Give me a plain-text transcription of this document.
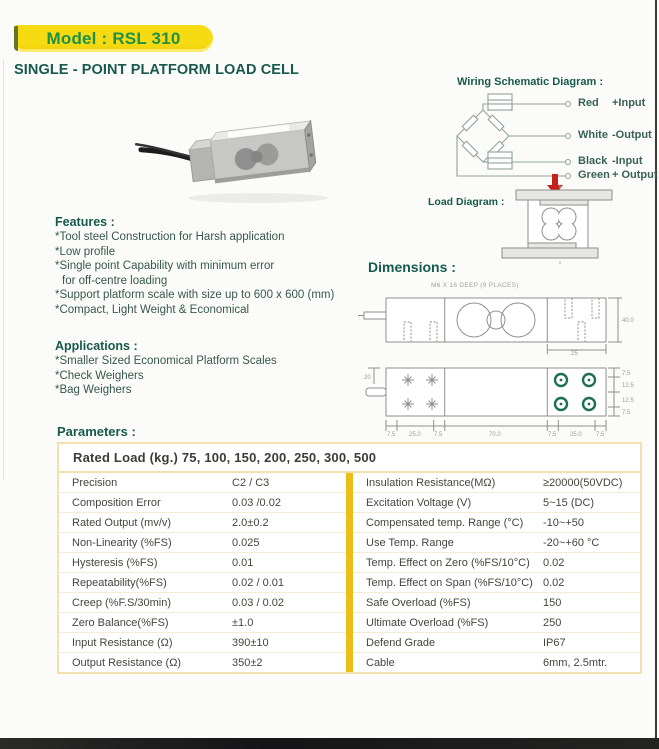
Model : RSL 310
SINGLE - POINT PLATFORM LOAD CELL
Wiring Schematic Diagram :
Red +Input
White -Output
Black -Input
Green + Output
Load Diagram :
Features :
*Tool steel Construction for Harsh application
*Low profile
*Single point Capability with minimum error
for off-centre loading
*Support platform scale with size up to 600 x 600 (mm)
*Compact, Light Weight & Economical
Applications :
*Smaller Sized Economical Platform Scales
*Check Weighers
*Bag Weighers
Dimensions :
M6 X 16 DEEP (9 PLACES)
40.0
25
20
7.5 25.0 7.5	70.0	7.5 25.0 7.5
7.5
12.5
12.5
7.5
Parameters :
Rated Load (kg.) 75, 100, 150, 200, 250, 300, 500
Precision	C2 / C3
Composition Error	0.03 /0.02
Rated Output (mv/v)	2.0±0.2
Non-Linearity (%FS)	0.025
Hysteresis (%FS)	0.01
Repeatability(%FS)	0.02 / 0.01
Creep (%F.S/30min)	0.03 / 0.02
Zero Balance(%FS)	±1.0
Input Resistance (Ω)	390±10
Output Resistance (Ω)	350±2
Insulation Resistance(MΩ)	≥20000(50VDC)
Excitation Voltage (V)	5~15 (DC)
Compensated temp. Range (°C)	-10~+50
Use Temp. Range	-20~+60 °C
Temp. Effect on Zero (%FS/10°C)	0.02
Temp. Effect on Span (%FS/10°C) 0.02
Safe Overload (%FS)	150
Ultimate Overload (%FS)	250
Defend Grade	IP67
Cable	6mm, 2.5mtr.
